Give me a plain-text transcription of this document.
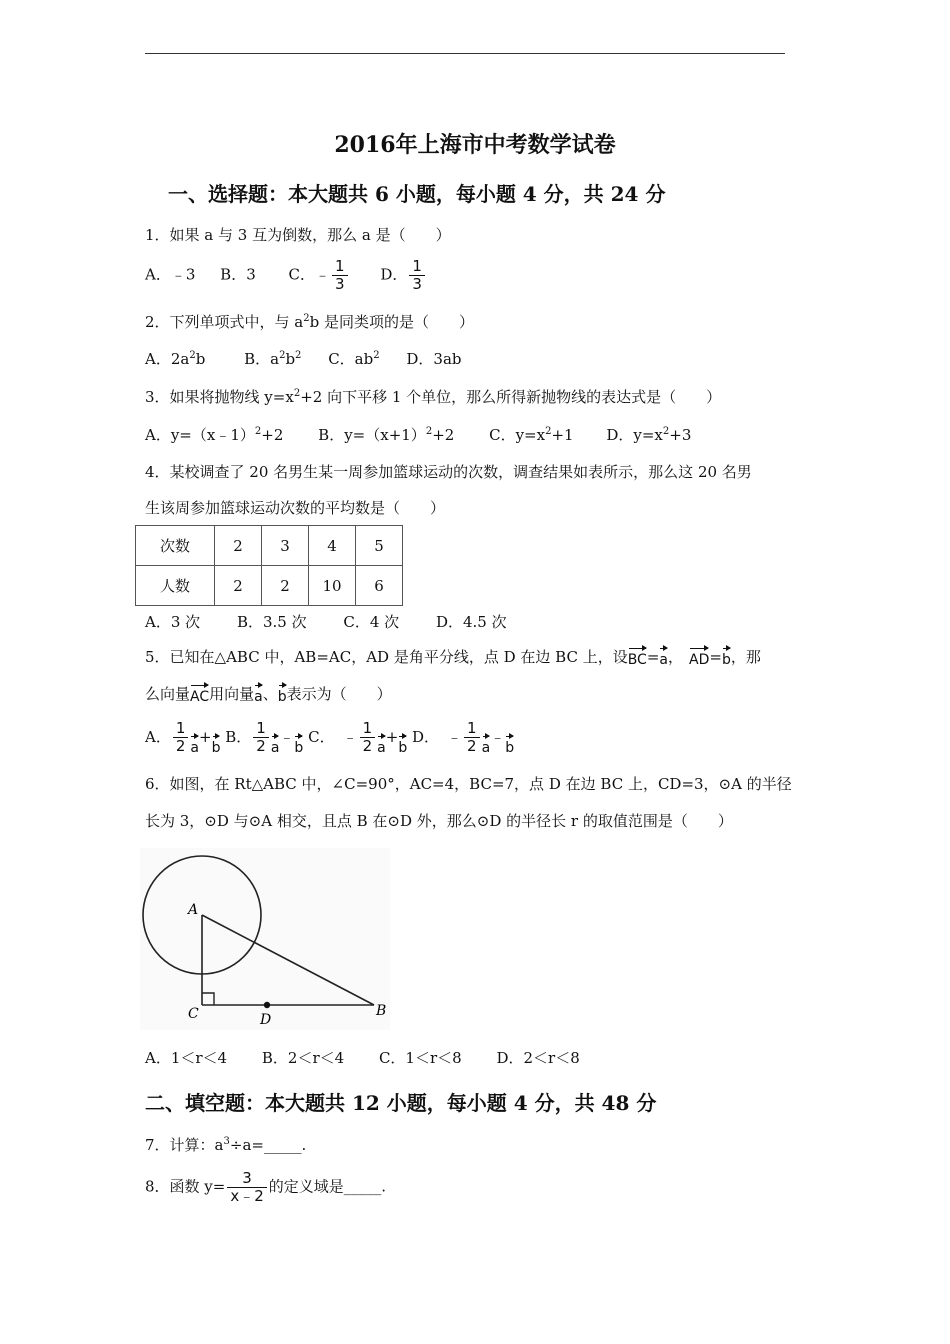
2016年上海市中考数学试卷
一、选择题：本大题共 6 小题，每小题 4 分，共 24 分
1．如果 a 与 3 互为倒数，那么 a 是（　　）
A．﹣3 B．3 C．﹣ $\frac{1}{3}$ D． $\frac{1}{3}$
2．下列单项式中，与 $a^2b$ 是同类项的是（　　）
A．$2a^2b$	B．$a^2b^2$ C．$ab^2$ D．3ab
3．如果将抛物线 $y=x^2+2$ 向下平移 1 个单位，那么所得新抛物线的表达式是（　　）
A．y=（x﹣1）$^2$+2 B．$y=(x+1)^2+2$ C．$y=x^2+1$ D．$y=x^2+3$
4．某校调查了 20 名男生某一周参加篮球运动的次数，调查结果如表所示，那么这 20 名男
生该周参加篮球运动次数的平均数是（　　）
次数	2	3	4	5
人数	2	2	10	6
A．3 次 B．3.5 次 C．4 次 D．4.5 次
5．已知在△ABC 中，AB=AC，AD 是角平分线，点 D 在边 BC 上，设BC=a， AD=b，那
么向量AC用向量a、b表示为（　　）
A． $\frac{1}{2} a+b$ B． $\frac{1}{2}$ a﹣b C． ﹣ $\frac{1}{2} a+b$ D． ﹣ $\frac{1}{2}$ a﹣b
6．如图，在 Rt△ABC 中，∠C=90°，AC=4，BC=7，点 D 在边 BC 上，CD=3，⊙A 的半径
长为 3，⊙D 与⊙A 相交，且点 B 在⊙D 外，那么⊙D 的半径长 r 的取值范围是（　　）
A
C	D
B
A．1＜r＜4 B．2＜r＜4 C．1＜r＜8 D．2＜r＜8
二、填空题：本大题共 12 小题，每小题 4 分，共 48 分
7．计算：$a^3\div a=\_\_\_\_\_$.
8．函数 $y= \frac{3}{x﹣2}$ 的定义域是_____.
